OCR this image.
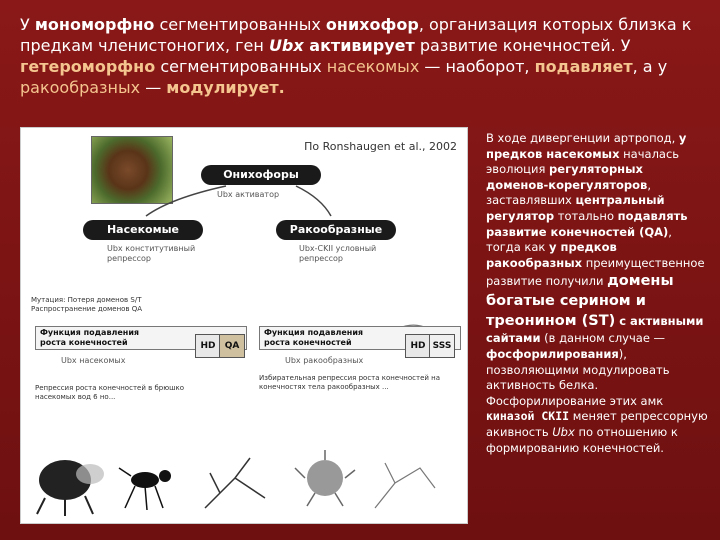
У мономорфно сегментированных онихофор, организация которых близка к предкам членистоногих, ген Ubx активирует развитие конечностей. У гетероморфно сегментированных насекомых — наоборот, подавляет, а у ракообразных — модулирует.
По Ronshaugen et al., 2002
Онихофоры
Ubx активатор
Насекомые	Ракообразные
Ubx конститутивный репрессор
Ubx-CKII условный репрессор
Мутация: Потеря доменов S/T
Распространение доменов QA
Функция подавления
роста конечностей	HD	QA
Функция подавления
роста конечностей	HD SSS
Ubx насекомых	Ubx ракообразных
Репрессия роста конечностей в брюшко насекомых вод 6 но...
Избирательная репрессия роста конечностей на конечностях тела ракообразных ...
В ходе дивергенции артропод, у предков насекомых началась эволюция регуляторных доменов-корегуляторов, заставлявших центральный регулятор тотально подавлять развитие конечностей (QA), тогда как у предков ракообразных преимущественное развитие получили домены богатые серином и треонином (ST) с активными сайтами (в данном случае — фосфорилирования), позволяющими модулировать активность белка. Фосфорилирование этих амк киназой СКII меняет репрессорную акивность Ubx по отношению к формированию конечностей.
